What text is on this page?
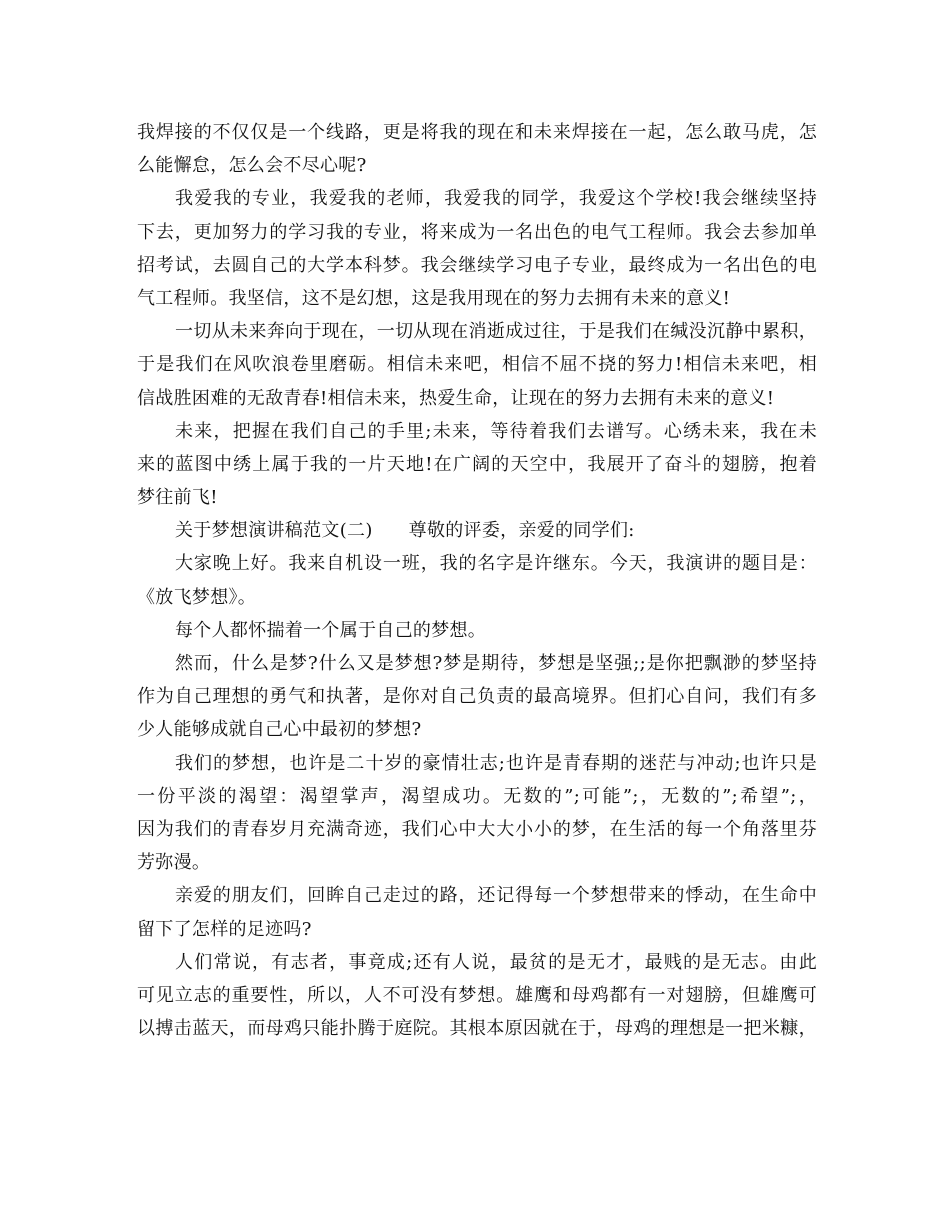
我焊接的不仅仅是一个线路，更是将我的现在和未来焊接在一起，怎么敢马虎，怎
么能懈怠，怎么会不尽心呢?
我爱我的专业，我爱我的老师，我爱我的同学，我爱这个学校!我会继续坚持
下去，更加努力的学习我的专业，将来成为一名出色的电气工程师。我会去参加单
招考试，去圆自己的大学本科梦。我会继续学习电子专业，最终成为一名出色的电
气工程师。我坚信，这不是幻想，这是我用现在的努力去拥有未来的意义!
一切从未来奔向于现在，一切从现在消逝成过往，于是我们在缄没沉静中累积，
于是我们在风吹浪卷里磨砺。相信未来吧，相信不屈不挠的努力!相信未来吧，相
信战胜困难的无敌青春!相信未来，热爱生命，让现在的努力去拥有未来的意义!
未来，把握在我们自己的手里;未来，等待着我们去谱写。心绣未来，我在未
来的蓝图中绣上属于我的一片天地!在广阔的天空中，我展开了奋斗的翅膀，抱着
梦往前飞!
关于梦想演讲稿范文(二) 尊敬的评委，亲爱的同学们:
大家晚上好。我来自机设一班，我的名字是许继东。今天，我演讲的题目是：
《放飞梦想》。
每个人都怀揣着一个属于自己的梦想。
然而，什么是梦?什么又是梦想?梦是期待，梦想是坚强;;是你把飘渺的梦坚持
作为自己理想的勇气和执著，是你对自己负责的最高境界。但扪心自问，我们有多
少人能够成就自己心中最初的梦想?
我们的梦想，也许是二十岁的豪情壮志;也许是青春期的迷茫与冲动;也许只是
一份平淡的渴望：渴望掌声，渴望成功。无数的”;可能”;，无数的”;希望”;，
因为我们的青春岁月充满奇迹，我们心中大大小小的梦，在生活的每一个角落里芬
芳弥漫。
亲爱的朋友们，回眸自己走过的路，还记得每一个梦想带来的悸动，在生命中
留下了怎样的足迹吗?
人们常说，有志者，事竟成;还有人说，最贫的是无才，最贱的是无志。由此
可见立志的重要性，所以，人不可没有梦想。雄鹰和母鸡都有一对翅膀，但雄鹰可
以搏击蓝天，而母鸡只能扑腾于庭院。其根本原因就在于，母鸡的理想是一把米糠，
